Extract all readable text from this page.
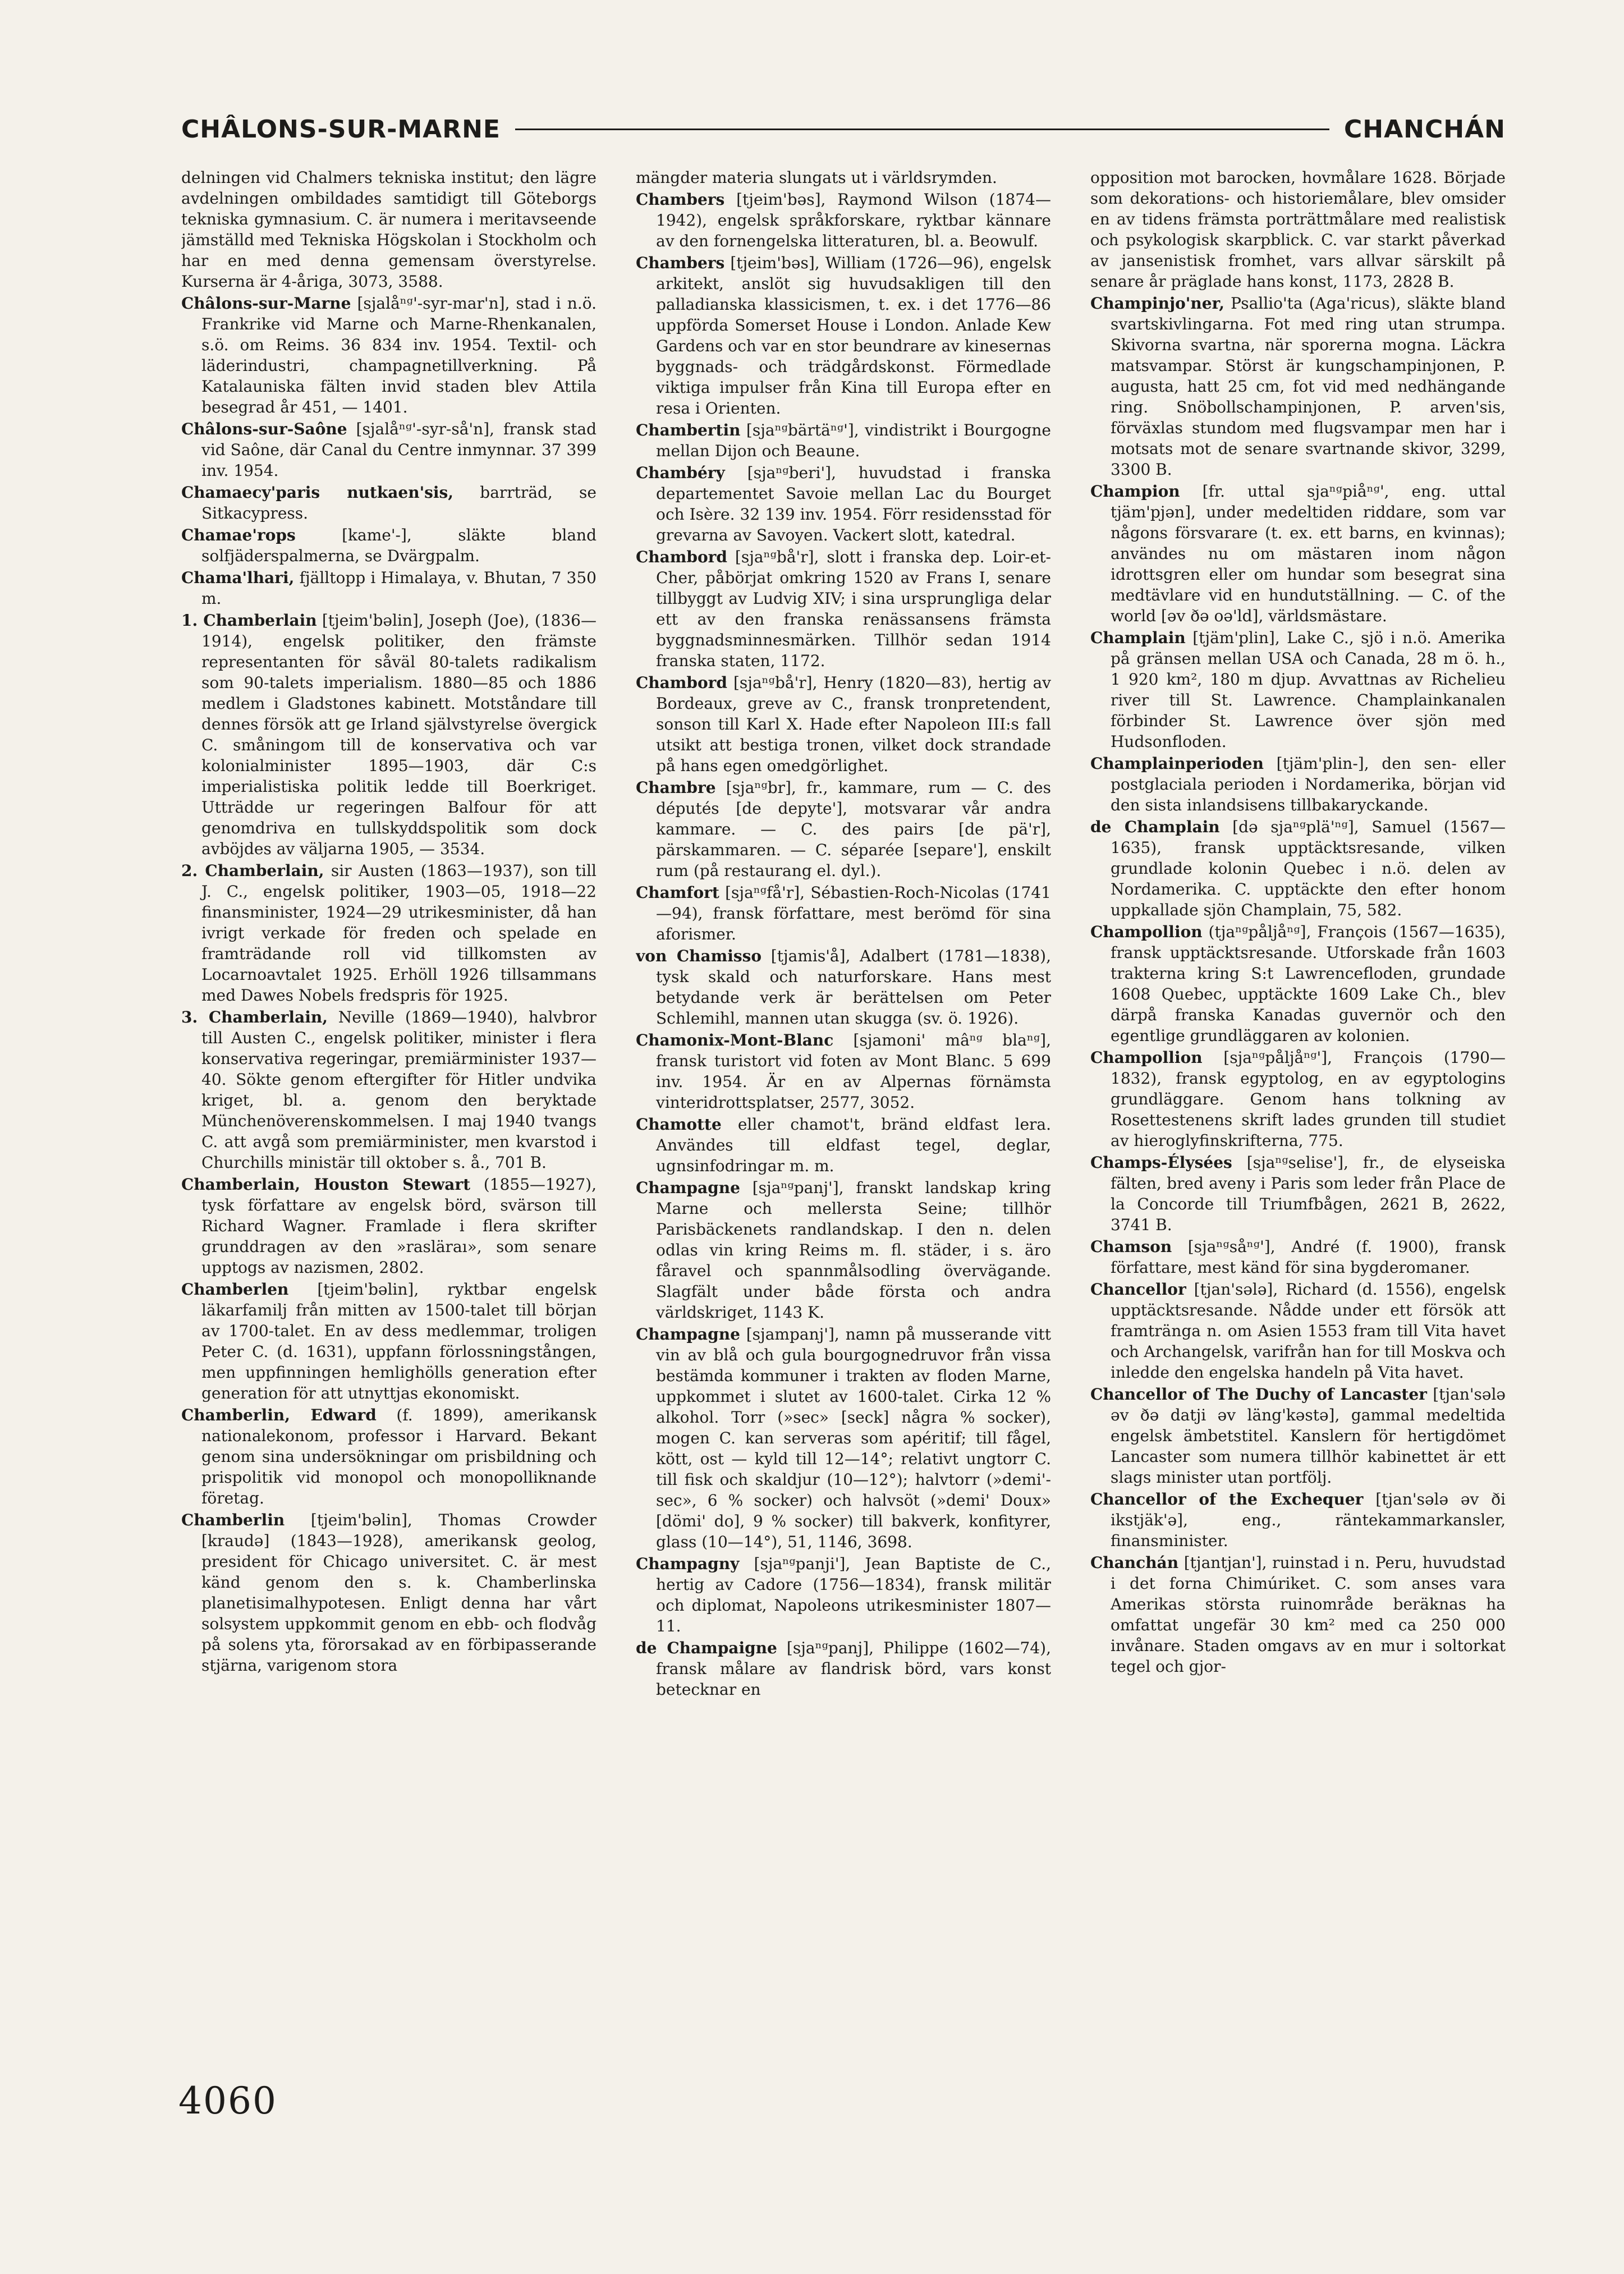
CHÂLONS-SUR-MARNE	CHANCHÁN

delningen vid Chalmers tekniska institut; den lägre avdelningen ombildades samtidigt till Göteborgs tekniska gymnasium. C. är numera i meritavseende jämställd med Tekniska Högskolan i Stockholm och har en med denna gemensam överstyrelse. Kurserna är 4-åriga, 3073, 3588.

Châlons-sur-Marne [sjalåⁿᵍ'-syr-mar'n], stad i n.ö. Frankrike vid Marne och Marne-Rhenkanalen, s.ö. om Reims. 36 834 inv. 1954. Textil- och läderindustri, champagnetillverkning. På Katalauniska fälten invid staden blev Attila besegrad år 451, — 1401.

Châlons-sur-Saône [sjalåⁿᵍ'-syr-så'n], fransk stad vid Saône, där Canal du Centre inmynnar. 37 399 inv. 1954.

Chamaecy'paris nutkaen'sis, barrträd, se Sitkacypress.

Chamae'rops [kame'-], släkte bland solfjäderspalmerna, se Dvärgpalm.

Chama'lhari, fjälltopp i Himalaya, v. Bhutan, 7 350 m.

1. Chamberlain [tjeim'bəlin], Joseph (Joe), (1836—1914), engelsk politiker, den främste representanten för såväl 80-talets radikalism som 90-talets imperialism. 1880—85 och 1886 medlem i Gladstones kabinett. Motståndare till dennes försök att ge Irland självstyrelse övergick C. småningom till de konservativa och var kolonialminister 1895—1903, där C:s imperialistiska politik ledde till Boerkriget. Utträdde ur regeringen Balfour för att genomdriva en tullskyddspolitik som dock avböjdes av väljarna 1905, — 3534.

2. Chamberlain, sir Austen (1863—1937), son till J. C., engelsk politiker, 1903—05, 1918—22 finansminister, 1924—29 utrikesminister, då han ivrigt verkade för freden och spelade en framträdande roll vid tillkomsten av Locarnoavtalet 1925. Erhöll 1926 tillsammans med Dawes Nobels fredspris för 1925.

3. Chamberlain, Neville (1869—1940), halvbror till Austen C., engelsk politiker, minister i flera konservativa regeringar, premiärminister 1937—40. Sökte genom eftergifter för Hitler undvika kriget, bl. a. genom den beryktade Münchenöverenskommelsen. I maj 1940 tvangs C. att avgå som premiärminister, men kvarstod i Churchills ministär till oktober s. å., 701 B.

Chamberlain, Houston Stewart (1855—1927), tysk författare av engelsk börd, svärson till Richard Wagner. Framlade i flera skrifter grunddragen av den »rasläraı», som senare upptogs av nazismen, 2802.

Chamberlen [tjeim'bəlin], ryktbar engelsk läkarfamilj från mitten av 1500-talet till början av 1700-talet. En av dess medlemmar, troligen Peter C. (d. 1631), uppfann förlossningstången, men uppfinningen hemlighölls generation efter generation för att utnyttjas ekonomiskt.

Chamberlin, Edward (f. 1899), amerikansk nationalekonom, professor i Harvard. Bekant genom sina undersökningar om prisbildning och prispolitik vid monopol och monopolliknande företag.

Chamberlin [tjeim'bəlin], Thomas Crowder [kraudə] (1843—1928), amerikansk geolog, president för Chicago universitet. C. är mest känd genom den s. k. Chamberlinska planetisimalhypotesen. Enligt denna har vårt solsystem uppkommit genom en ebb- och flodvåg på solens yta, förorsakad av en förbipasserande stjärna, varigenom stora

mängder materia slungats ut i världsrymden.

Chambers [tjeim'bəs], Raymond Wilson (1874—1942), engelsk språkforskare, ryktbar kännare av den fornengelska litteraturen, bl. a. Beowulf.

Chambers [tjeim'bəs], William (1726—96), engelsk arkitekt, anslöt sig huvudsakligen till den palladianska klassicismen, t. ex. i det 1776—86 uppförda Somerset House i London. Anlade Kew Gardens och var en stor beundrare av kinesernas byggnads- och trädgårdskonst. Förmedlade viktiga impulser från Kina till Europa efter en resa i Orienten.

Chambertin [sjaⁿᵍbärtäⁿᵍ'], vindistrikt i Bourgogne mellan Dijon och Beaune.

Chambéry [sjaⁿᵍberi'], huvudstad i franska departementet Savoie mellan Lac du Bourget och Isère. 32 139 inv. 1954. Förr residensstad för grevarna av Savoyen. Vackert slott, katedral.

Chambord [sjaⁿᵍbå'r], slott i franska dep. Loir-et-Cher, påbörjat omkring 1520 av Frans I, senare tillbyggt av Ludvig XIV; i sina ursprungliga delar ett av den franska renässansens främsta byggnadsminnesmärken. Tillhör sedan 1914 franska staten, 1172.

Chambord [sjaⁿᵍbå'r], Henry (1820—83), hertig av Bordeaux, greve av C., fransk tronpretendent, sonson till Karl X. Hade efter Napoleon III:s fall utsikt att bestiga tronen, vilket dock strandade på hans egen omedgörlighet.

Chambre [sjaⁿᵍbr], fr., kammare, rum — C. des députés [de depyte'], motsvarar vår andra kammare. — C. des pairs [de pä'r], pärskammaren. — C. séparée [separe'], enskilt rum (på restaurang el. dyl.).

Chamfort [sjaⁿᵍfå'r], Sébastien-Roch-Nicolas (1741—94), fransk författare, mest berömd för sina aforismer.

von Chamisso [tjamis'å], Adalbert (1781—1838), tysk skald och naturforskare. Hans mest betydande verk är berättelsen om Peter Schlemihl, mannen utan skugga (sv. ö. 1926).

Chamonix-Mont-Blanc [sjamoni' mâⁿᵍ blaⁿᵍ], fransk turistort vid foten av Mont Blanc. 5 699 inv. 1954. Är en av Alpernas förnämsta vinteridrottsplatser, 2577, 3052.

Chamotte eller chamot't, bränd eldfast lera. Användes till eldfast tegel, deglar, ugnsinfodringar m. m.

Champagne [sjaⁿᵍpanj'], franskt landskap kring Marne och mellersta Seine; tillhör Parisbäckenets randlandskap. I den n. delen odlas vin kring Reims m. fl. städer, i s. äro fåravel och spannmålsodling övervägande. Slagfält under både första och andra världskriget, 1143 K.

Champagne [sjampanj'], namn på musserande vitt vin av blå och gula bourgognedruvor från vissa bestämda kommuner i trakten av floden Marne, uppkommet i slutet av 1600-talet. Cirka 12 % alkohol. Torr (»sec» [seck] några % socker), mogen C. kan serveras som apéritif; till fågel, kött, ost — kyld till 12—14°; relativt ungtorr C. till fisk och skaldjur (10—12°); halvtorr (»demi'-sec», 6 % socker) och halvsöt (»demi' Doux» [dömi' do], 9 % socker) till bakverk, konfityrer, glass (10—14°), 51, 1146, 3698.

Champagny [sjaⁿᵍpanji'], Jean Baptiste de C., hertig av Cadore (1756—1834), fransk militär och diplomat, Napoleons utrikesminister 1807—11.

de Champaigne [sjaⁿᵍpanj], Philippe (1602—74), fransk målare av flandrisk börd, vars konst betecknar en

opposition mot barocken, hovmålare 1628. Började som dekorations- och historiemålare, blev omsider en av tidens främsta porträttmålare med realistisk och psykologisk skarpblick. C. var starkt påverkad av jansenistisk fromhet, vars allvar särskilt på senare år präglade hans konst, 1173, 2828 B.

Champinjo'ner, Psallio'ta (Aga'ricus), släkte bland svartskivlingarna. Fot med ring utan strumpa. Skivorna svartna, när sporerna mogna. Läckra matsvampar. Störst är kungschampinjonen, P. augusta, hatt 25 cm, fot vid med nedhängande ring. Snöbollschampinjonen, P. arven'sis, förväxlas stundom med flugsvampar men har i motsats mot de senare svartnande skivor, 3299, 3300 B.

Champion [fr. uttal sjaⁿᵍpiåⁿᵍ', eng. uttal tjäm'pjən], under medeltiden riddare, som var någons försvarare (t. ex. ett barns, en kvinnas); användes nu om mästaren inom någon idrottsgren eller om hundar som besegrat sina medtävlare vid en hundutställning. — C. of the world [əv ðə oə'ld], världsmästare.

Champlain [tjäm'plin], Lake C., sjö i n.ö. Amerika på gränsen mellan USA och Canada, 28 m ö. h., 1 920 km², 180 m djup. Avvattnas av Richelieu river till St. Lawrence. Champlainkanalen förbinder St. Lawrence över sjön med Hudsonfloden.

Champlainperioden [tjäm'plin-], den sen- eller postglaciala perioden i Nordamerika, början vid den sista inlandsisens tillbakaryckande.

de Champlain [də sjaⁿᵍplä'ⁿᵍ], Samuel (1567—1635), fransk upptäcktsresande, vilken grundlade kolonin Quebec i n.ö. delen av Nordamerika. C. upptäckte den efter honom uppkallade sjön Champlain, 75, 582.

Champollion (tjaⁿᵍpåljåⁿᵍ], François (1567—1635), fransk upptäcktsresande. Utforskade från 1603 trakterna kring S:t Lawrencefloden, grundade 1608 Quebec, upptäckte 1609 Lake Ch., blev därpå franska Kanadas guvernör och den egentlige grundläggaren av kolonien.

Champollion [sjaⁿᵍpåljåⁿᵍ'], François (1790—1832), fransk egyptolog, en av egyptologins grundläggare. Genom hans tolkning av Rosettestenens skrift lades grunden till studiet av hieroglyfinskrifterna, 775.

Champs-Élysées [sjaⁿᵍselise'], fr., de elyseiska fälten, bred aveny i Paris som leder från Place de la Concorde till Triumfbågen, 2621 B, 2622, 3741 B.

Chamson [sjaⁿᵍsåⁿᵍ'], André (f. 1900), fransk författare, mest känd för sina bygderomaner.

Chancellor [tjan'sələ], Richard (d. 1556), engelsk upptäcktsresande. Nådde under ett försök att framtränga n. om Asien 1553 fram till Vita havet och Archangelsk, varifrån han for till Moskva och inledde den engelska handeln på Vita havet.

Chancellor of The Duchy of Lancaster [tjan'sələ əv ðə datji əv läng'kəstə], gammal medeltida engelsk ämbetstitel. Kanslern för hertigdömet Lancaster som numera tillhör kabinettet är ett slags minister utan portfölj.

Chancellor of the Exchequer [tjan'sələ əv ði ikstjäk'ə], eng., räntekammarkansler, finansminister.

Chanchán [tjantjan'], ruinstad i n. Peru, huvudstad i det forna Chimúriket. C. som anses vara Amerikas största ruinområde beräknas ha omfattat ungefär 30 km² med ca 250 000 invånare. Staden omgavs av en mur i soltorkat tegel och gjor-

4060
